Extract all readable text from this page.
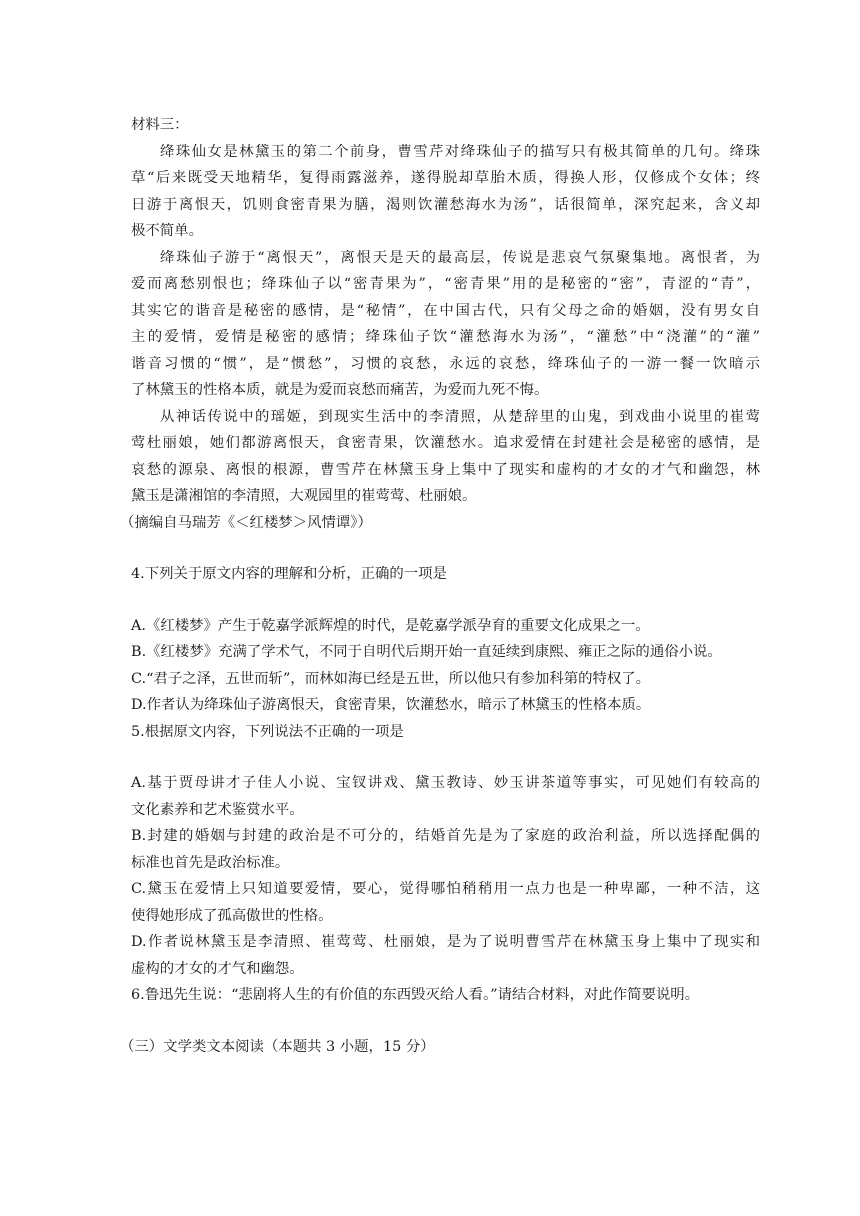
材料三：

绛珠仙女是林黛玉的第二个前身，曹雪芹对绛珠仙子的描写只有极其简单的几句。绛珠

草“后来既受天地精华，复得雨露滋养，遂得脱却草胎木质，得换人形，仅修成个女体；终

日游于离恨天，饥则食密青果为膳，渴则饮灌愁海水为汤”，话很简单，深究起来，含义却

极不简单。

绛珠仙子游于“离恨天”，离恨天是天的最高层，传说是悲哀气氛聚集地。离恨者，为

爱而离愁别恨也；绛珠仙子以“密青果为”，“密青果”用的是秘密的“密”，青涩的“青”，

其实它的谐音是秘密的感情，是“秘情”，在中国古代，只有父母之命的婚姻，没有男女自

主的爱情，爱情是秘密的感情；绛珠仙子饮“灌愁海水为汤”，“灌愁”中“浇灌”的“灌”

谐音习惯的“惯”，是“惯愁”，习惯的哀愁，永远的哀愁，绛珠仙子的一游一餐一饮暗示

了林黛玉的性格本质，就是为爱而哀愁而痛苦，为爱而九死不悔。

从神话传说中的瑶姬，到现实生活中的李清照，从楚辞里的山鬼，到戏曲小说里的崔莺

莺杜丽娘，她们都游离恨天，食密青果，饮灌愁水。追求爱情在封建社会是秘密的感情，是

哀愁的源泉、离恨的根源，曹雪芹在林黛玉身上集中了现实和虚构的才女的才气和幽怨，林

黛玉是潇湘馆的李清照，大观园里的崔莺莺、杜丽娘。

（摘编自马瑞芳《＜红楼梦＞风情谭》）

4.下列关于原文内容的理解和分析，正确的一项是

A.《红楼梦》产生于乾嘉学派辉煌的时代，是乾嘉学派孕育的重要文化成果之一。

B.《红楼梦》充满了学术气，不同于自明代后期开始一直延续到康熙、雍正之际的通俗小说。

C.“君子之泽，五世而斩”，而林如海已经是五世，所以他只有参加科第的特权了。

D.作者认为绛珠仙子游离恨天，食密青果，饮灌愁水，暗示了林黛玉的性格本质。

5.根据原文内容，下列说法不正确的一项是

A.基于贾母讲才子佳人小说、宝钗讲戏、黛玉教诗、妙玉讲茶道等事实，可见她们有较高的

文化素养和艺术鉴赏水平。

B.封建的婚姻与封建的政治是不可分的，结婚首先是为了家庭的政治利益，所以选择配偶的

标准也首先是政治标准。

C.黛玉在爱情上只知道要爱情，要心，觉得哪怕稍稍用一点力也是一种卑鄙，一种不洁，这

使得她形成了孤高傲世的性格。

D.作者说林黛玉是李清照、崔莺莺、杜丽娘，是为了说明曹雪芹在林黛玉身上集中了现实和

虚构的才女的才气和幽怨。

6.鲁迅先生说：“悲剧将人生的有价值的东西毁灭给人看。”请结合材料，对此作简要说明。

（三）文学类文本阅读（本题共 3 小题，15 分）
